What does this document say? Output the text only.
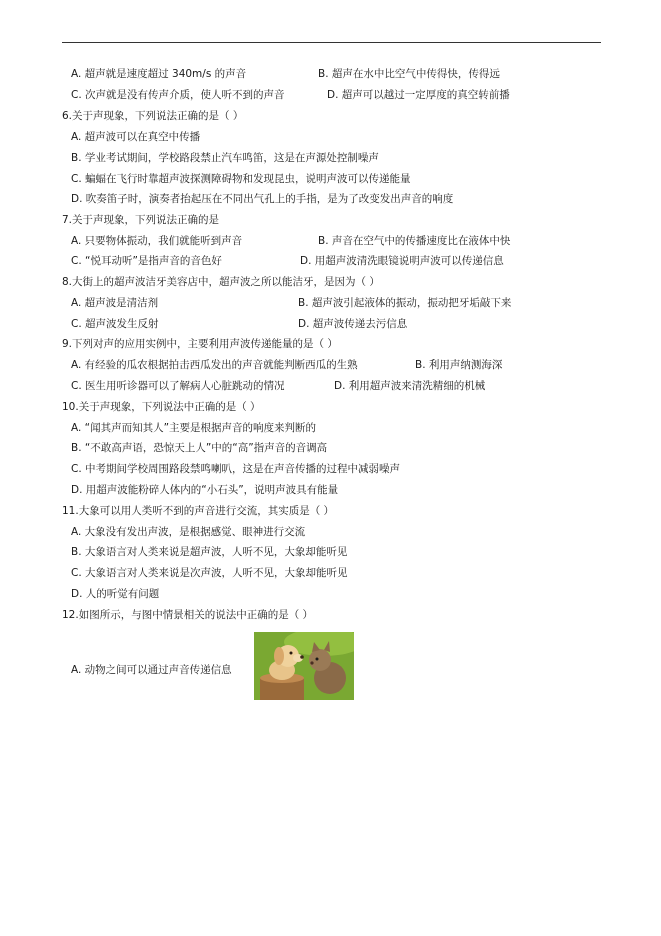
A. 超声就是速度超过 340m/s 的声音	B. 超声在水中比空气中传得快，传得远
C. 次声就是没有传声介质，使人听不到的声音	D. 超声可以越过一定厚度的真空转前播
6.关于声现象，下列说法正确的是（ ）
A. 超声波可以在真空中传播
B. 学业考试期间，学校路段禁止汽车鸣笛，这是在声源处控制噪声
C. 蝙蝠在飞行时靠超声波探测障碍物和发现昆虫，说明声波可以传递能量
D. 吹奏笛子时，演奏者抬起压在不同出气孔上的手指，是为了改变发出声音的响度
7.关于声现象，下列说法正确的是
A. 只要物体振动，我们就能听到声音	B. 声音在空气中的传播速度比在液体中快
C. “悦耳动听”是指声音的音色好	D. 用超声波清洗眼镜说明声波可以传递信息
8.大街上的超声波洁牙美容店中，超声波之所以能洁牙，是因为（ ）
A. 超声波是清洁剂	B. 超声波引起液体的振动，振动把牙垢敲下来
C. 超声波发生反射	D. 超声波传递去污信息
9.下列对声的应用实例中，主要利用声波传递能量的是（ ）
A. 有经验的瓜农根据拍击西瓜发出的声音就能判断西瓜的生熟	B. 利用声纳测海深
C. 医生用听诊器可以了解病人心脏跳动的情况	D. 利用超声波来清洗精细的机械
10.关于声现象，下列说法中正确的是（ ）
A. “闻其声而知其人”主要是根据声音的响度来判断的
B. “不敢高声语，恐惊天上人”中的“高”指声音的音调高
C. 中考期间学校周围路段禁鸣喇叭，这是在声音传播的过程中减弱噪声
D. 用超声波能粉碎人体内的“小石头”，说明声波具有能量
11.大象可以用人类听不到的声音进行交流，其实质是（ ）
A. 大象没有发出声波，是根据感觉、眼神进行交流
B. 大象语言对人类来说是超声波，人听不见，大象却能听见
C. 大象语言对人类来说是次声波，人听不见，大象却能听见
D. 人的听觉有问题
12.如图所示，与图中情景相关的说法中正确的是（ ）
A. 动物之间可以通过声音传递信息
